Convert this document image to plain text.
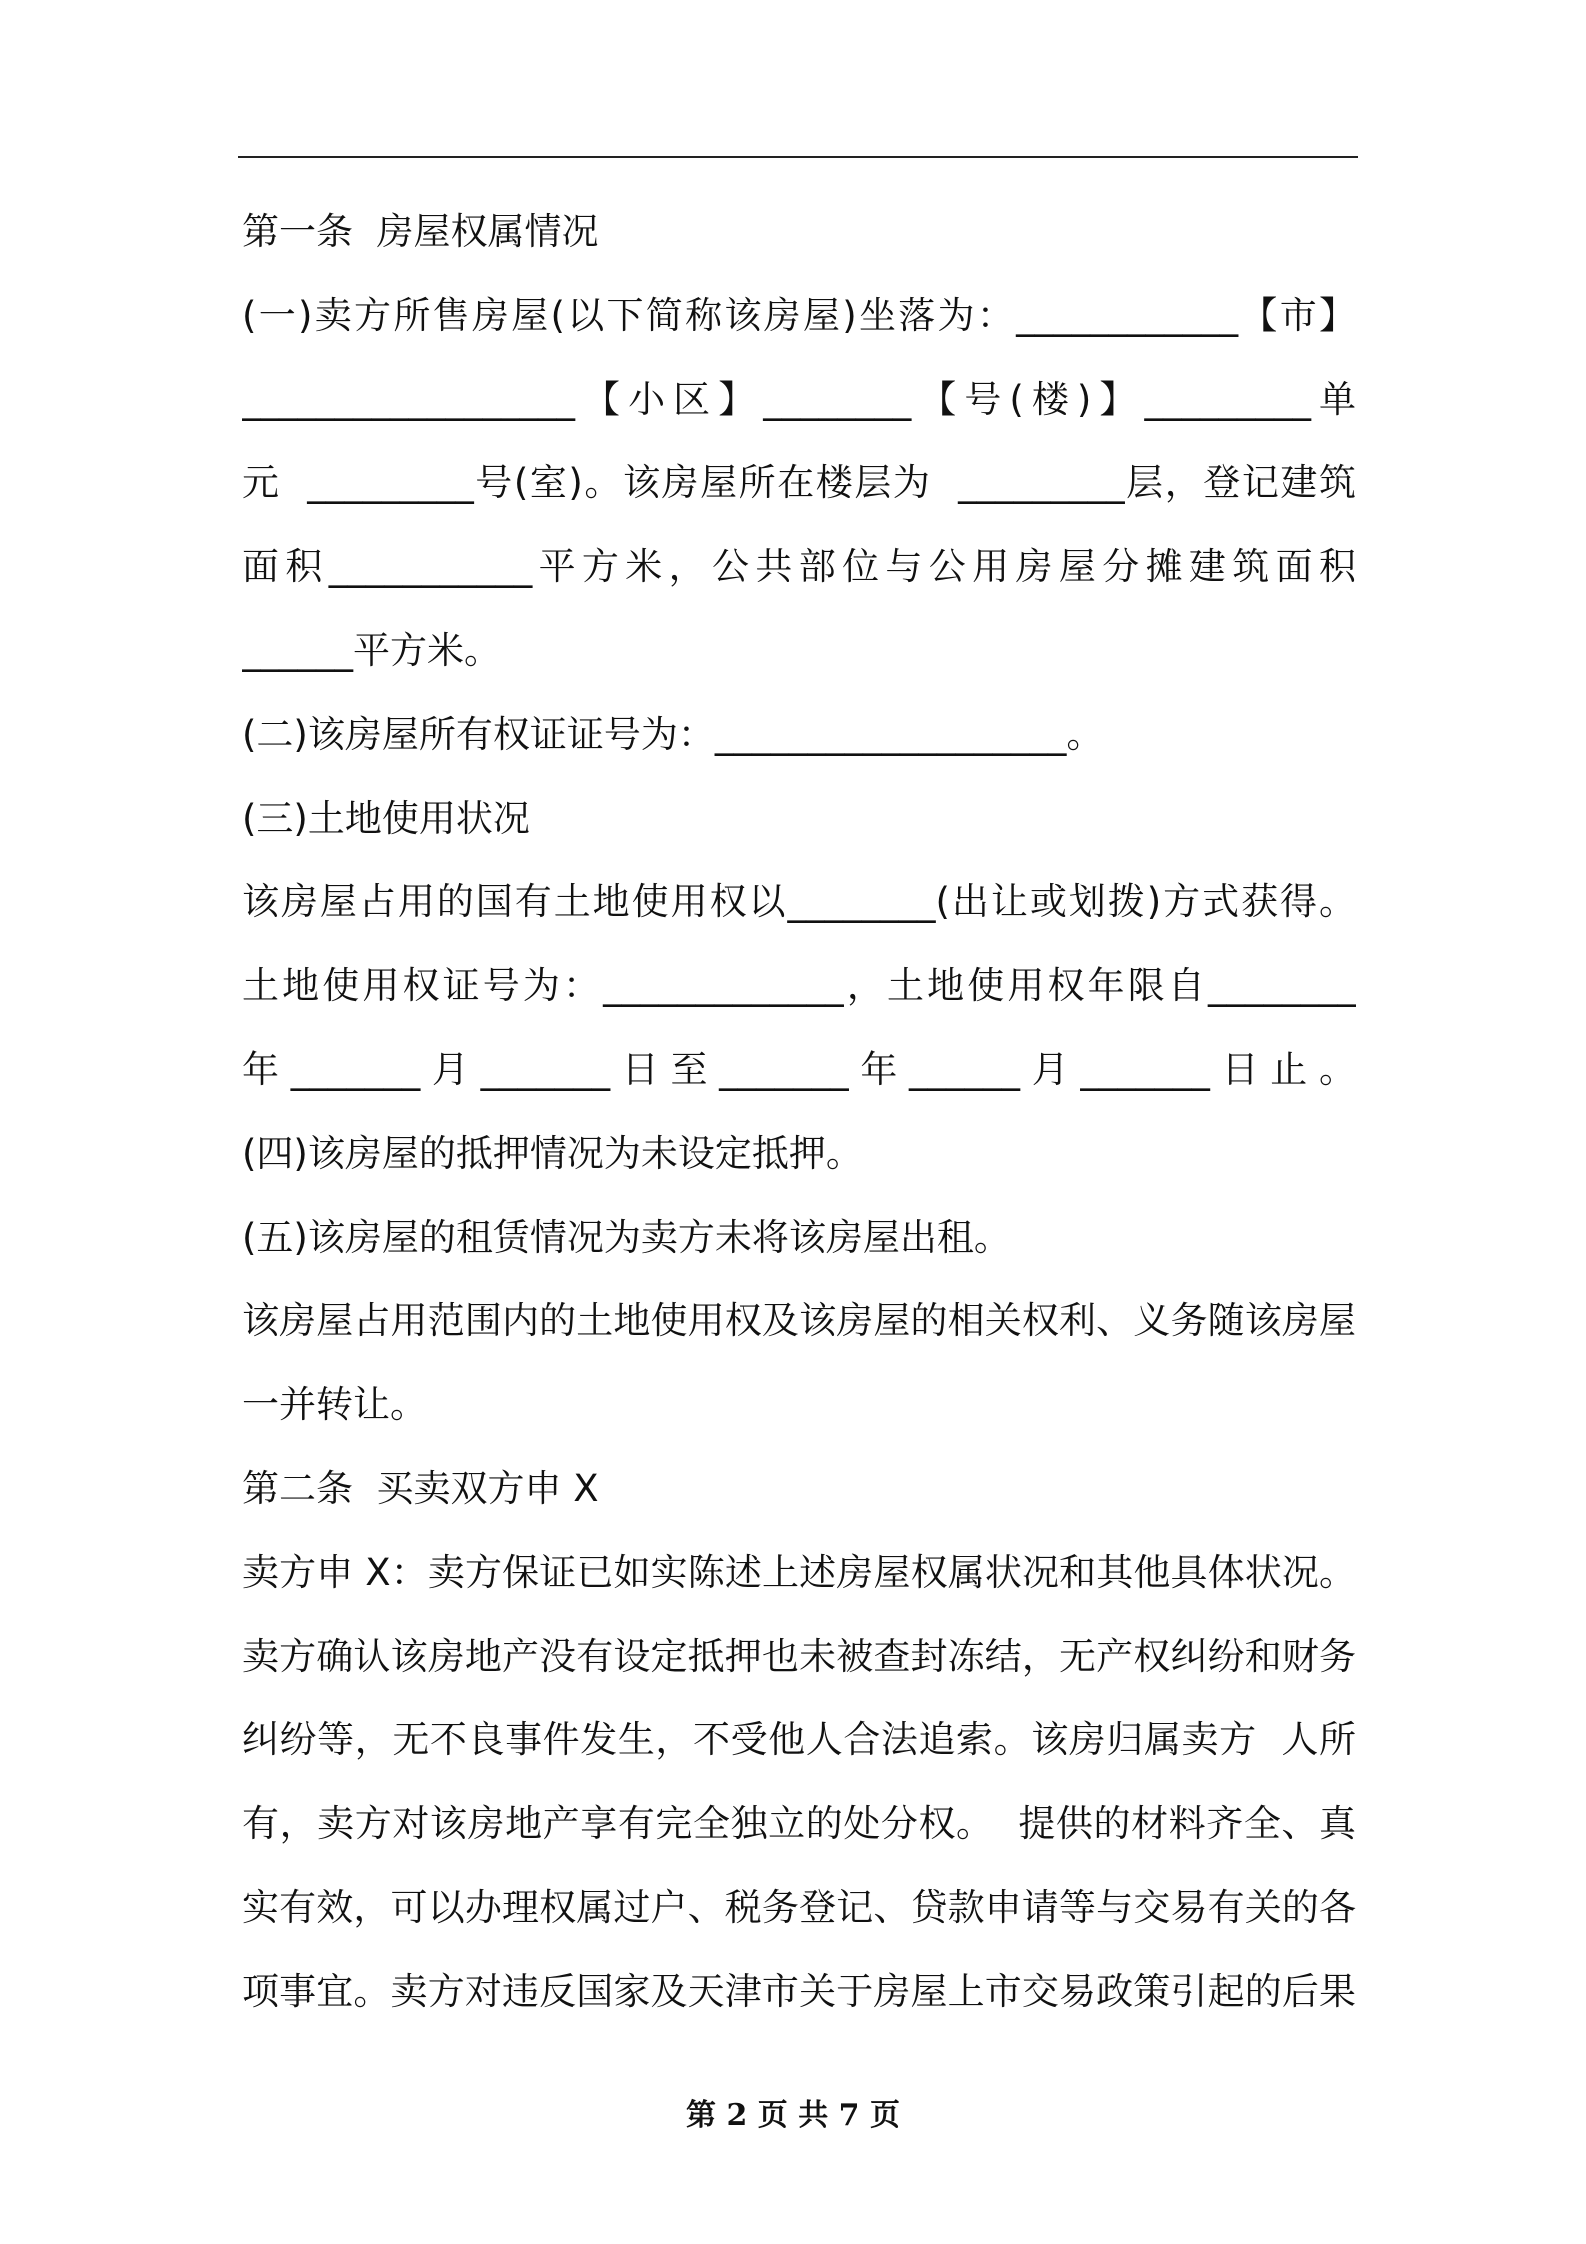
第一条  房屋权属情况
(一)卖方所售房屋(以下简称该房屋)坐落为：____________【市】
__________________【小区】________【号(楼)】_________单
元  _________号(室)。该房屋所在楼层为  _________层，登记建筑
面积___________平方米，公共部位与公用房屋分摊建筑面积
______平方米。
(二)该房屋所有权证证号为：___________________。
(三)土地使用状况
该房屋占用的国有土地使用权以________(出让或划拨)方式获得。
土地使用权证号为：_____________，土地使用权年限自________
年_______月_______日至_______年______月_______日止。
(四)该房屋的抵押情况为未设定抵押。
(五)该房屋的租赁情况为卖方未将该房屋出租。
该房屋占用范围内的土地使用权及该房屋的相关权利、义务随该房屋
一并转让。
第二条  买卖双方申 X
卖方申 X：卖方保证已如实陈述上述房屋权属状况和其他具体状况。
卖方确认该房地产没有设定抵押也未被查封冻结，无产权纠纷和财务
纠纷等，无不良事件发生，不受他人合法追索。该房归属卖方  人所
有，卖方对该房地产享有完全独立的处分权。  提供的材料齐全、真
实有效，可以办理权属过户、税务登记、贷款申请等与交易有关的各
项事宜。卖方对违反国家及天津市关于房屋上市交易政策引起的后果
第 2 页 共 7 页
